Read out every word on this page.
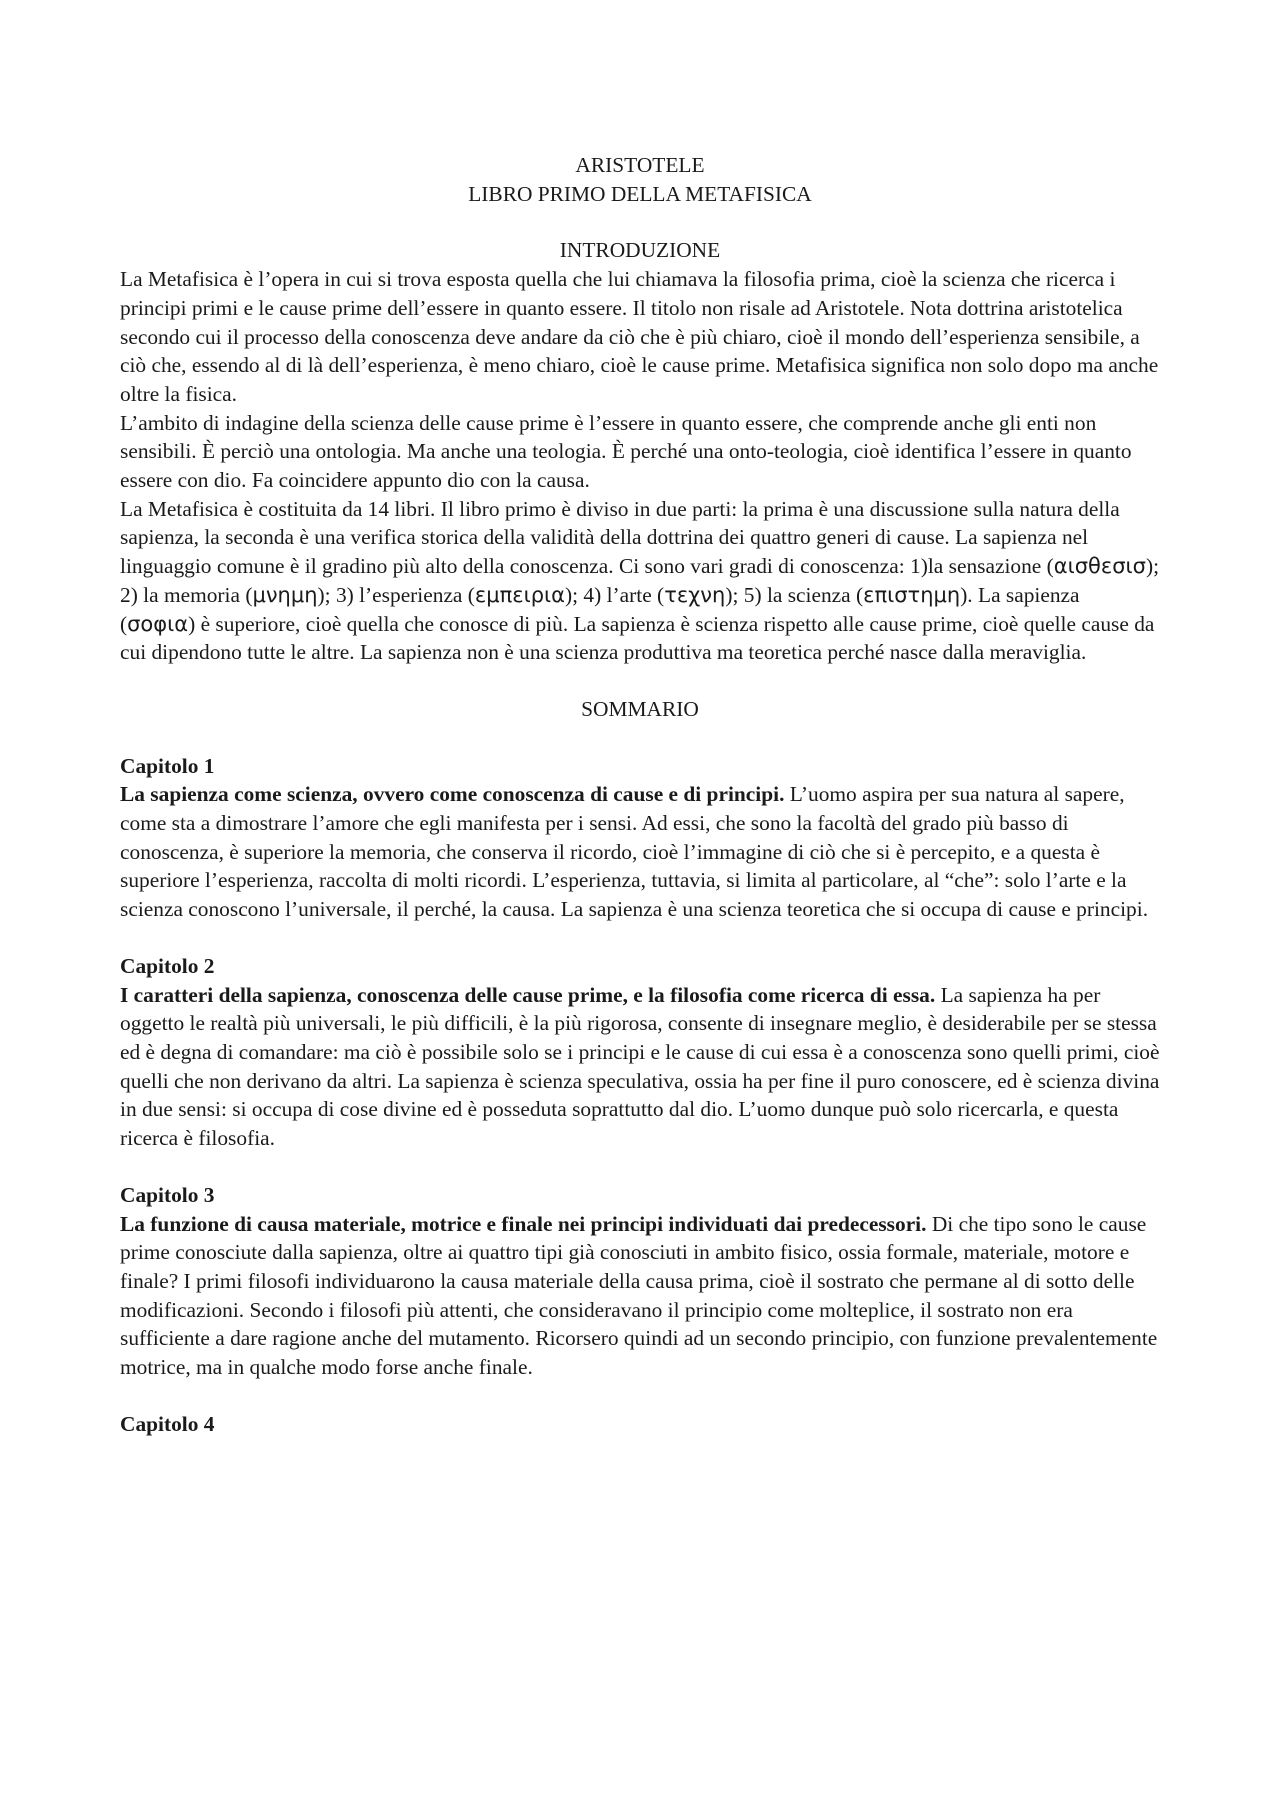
ARISTOTELE

LIBRO PRIMO DELLA METAFISICA

INTRODUZIONE

La Metafisica è l’opera in cui si trova esposta quella che lui chiamava la filosofia prima, cioè la scienza che ricerca i principi primi e le cause prime dell’essere in quanto essere. Il titolo non risale ad Aristotele. Nota dottrina aristotelica secondo cui il processo della conoscenza deve andare da ciò che è più chiaro, cioè il mondo dell’esperienza sensibile, a ciò che, essendo al di là dell’esperienza, è meno chiaro, cioè le cause prime. Metafisica significa non solo dopo ma anche oltre la fisica.

L’ambito di indagine della scienza delle cause prime è l’essere in quanto essere, che comprende anche gli enti non sensibili. È perciò una ontologia. Ma anche una teologia. È perché una onto-teologia, cioè identifica l’essere in quanto essere con dio. Fa coincidere appunto dio con la causa.

La Metafisica è costituita da 14 libri. Il libro primo è diviso in due parti: la prima è una discussione sulla natura della sapienza, la seconda è una verifica storica della validità della dottrina dei quattro generi di cause. La sapienza nel linguaggio comune è il gradino più alto della conoscenza. Ci sono vari gradi di conoscenza: 1)la sensazione (αισθεσισ); 2) la memoria (μνημη); 3) l’esperienza (εμπειρια); 4) l’arte (τεχνη); 5) la scienza (επιστημη). La sapienza (σοφια) è superiore, cioè quella che conosce di più. La sapienza è scienza rispetto alle cause prime, cioè quelle cause da cui dipendono tutte le altre. La sapienza non è una scienza produttiva ma teoretica perché nasce dalla meraviglia.

SOMMARIO

Capitolo 1

La sapienza come scienza, ovvero come conoscenza di cause e di principi. L’uomo aspira per sua natura al sapere, come sta a dimostrare l’amore che egli manifesta per i sensi. Ad essi, che sono la facoltà del grado più basso di conoscenza, è superiore la memoria, che conserva il ricordo, cioè l’immagine di ciò che si è percepito, e a questa è superiore l’esperienza, raccolta di molti ricordi. L’esperienza, tuttavia, si limita al particolare, al “che”: solo l’arte e la scienza conoscono l’universale, il perché, la causa. La sapienza è una scienza teoretica che si occupa di cause e principi.

Capitolo 2

I caratteri della sapienza, conoscenza delle cause prime, e la filosofia come ricerca di essa. La sapienza ha per oggetto le realtà più universali, le più difficili, è la più rigorosa, consente di insegnare meglio, è desiderabile per se stessa ed è degna di comandare: ma ciò è possibile solo se i principi e le cause di cui essa è a conoscenza sono quelli primi, cioè quelli che non derivano da altri. La sapienza è scienza speculativa, ossia ha per fine il puro conoscere, ed è scienza divina in due sensi: si occupa di cose divine ed è posseduta soprattutto dal dio. L’uomo dunque può solo ricercarla, e questa ricerca è filosofia.

Capitolo 3

La funzione di causa materiale, motrice e finale nei principi individuati dai predecessori. Di che tipo sono le cause prime conosciute dalla sapienza, oltre ai quattro tipi già conosciuti in ambito fisico, ossia formale, materiale, motore e finale? I primi filosofi individuarono la causa materiale della causa prima, cioè il sostrato che permane al di sotto delle modificazioni. Secondo i filosofi più attenti, che consideravano il principio come molteplice, il sostrato non era sufficiente a dare ragione anche del mutamento. Ricorsero quindi ad un secondo principio, con funzione prevalentemente motrice, ma in qualche modo forse anche finale.

Capitolo 4
